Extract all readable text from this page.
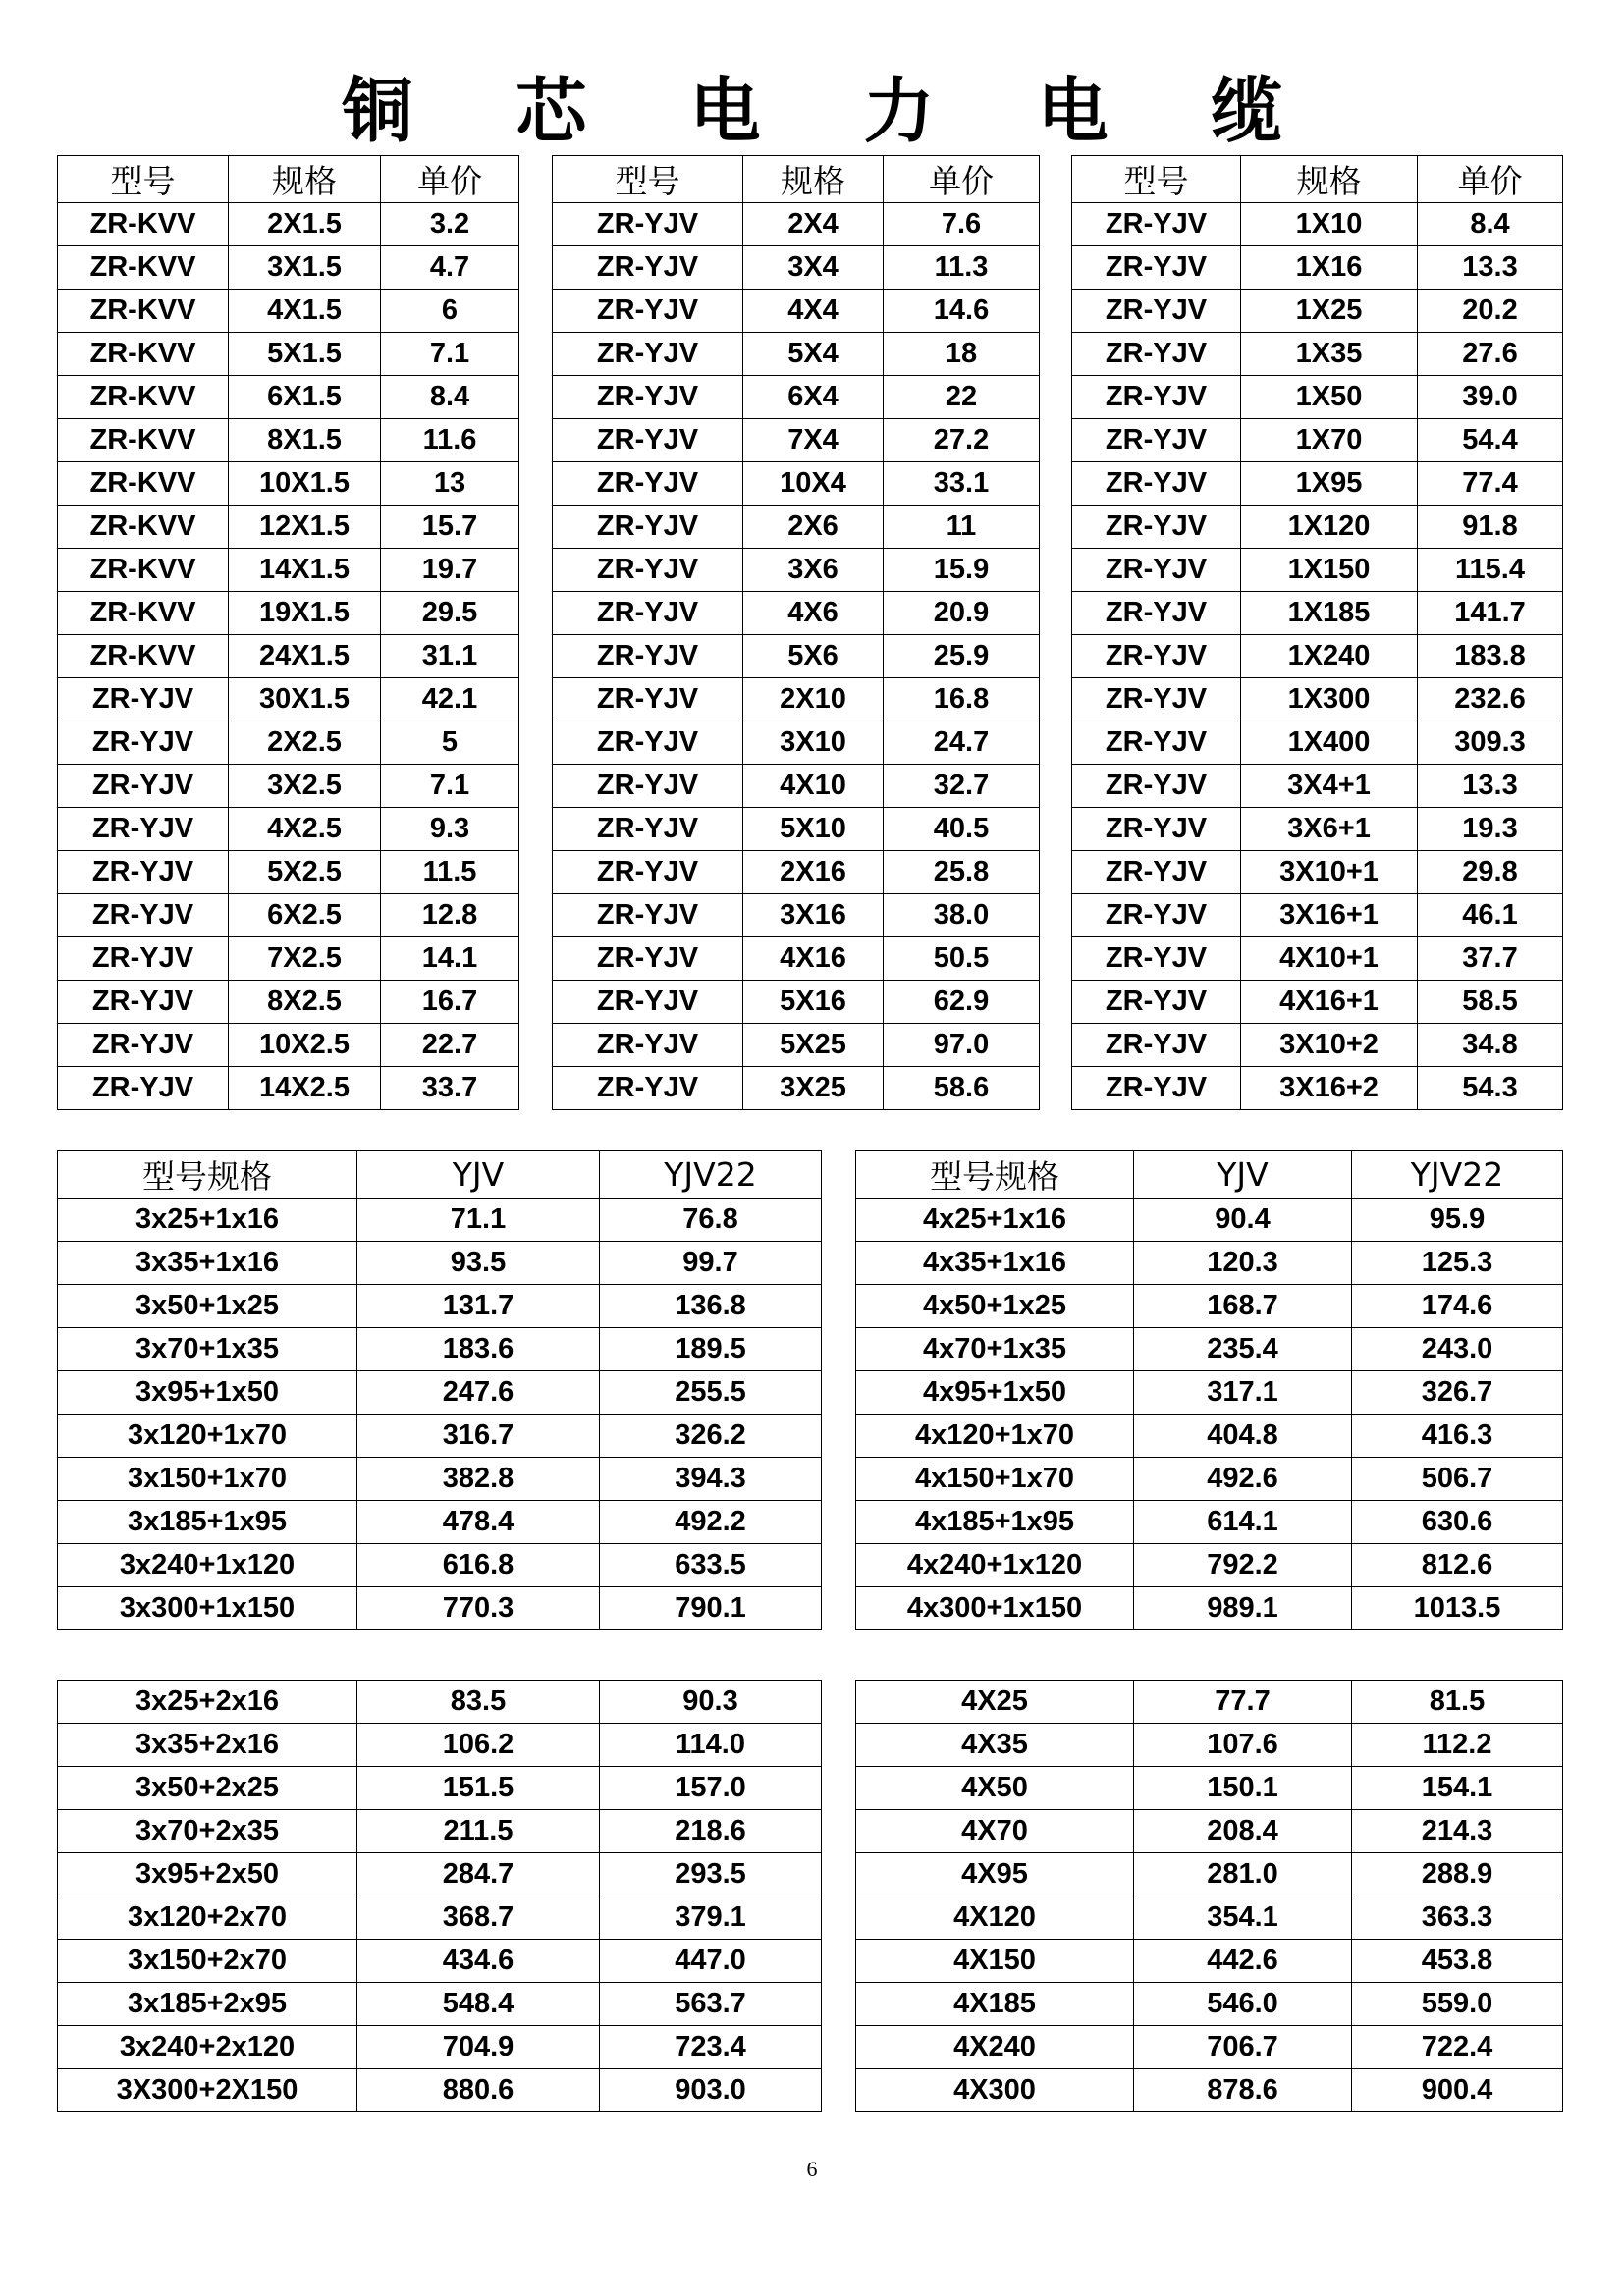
铜 芯 电 力 电 缆
型号	规格	单价
ZR-KVV	2X1.5	3.2
ZR-KVV	3X1.5	4.7
ZR-KVV	4X1.5	6
ZR-KVV	5X1.5	7.1
ZR-KVV	6X1.5	8.4
ZR-KVV	8X1.5	11.6
ZR-KVV	10X1.5	13
ZR-KVV	12X1.5	15.7
ZR-KVV	14X1.5	19.7
ZR-KVV	19X1.5	29.5
ZR-KVV	24X1.5	31.1
ZR-YJV	30X1.5	42.1
ZR-YJV	2X2.5	5
ZR-YJV	3X2.5	7.1
ZR-YJV	4X2.5	9.3
ZR-YJV	5X2.5	11.5
ZR-YJV	6X2.5	12.8
ZR-YJV	7X2.5	14.1
ZR-YJV	8X2.5	16.7
ZR-YJV	10X2.5	22.7
ZR-YJV	14X2.5	33.7
型号	规格	单价
ZR-YJV	2X4	7.6
ZR-YJV	3X4	11.3
ZR-YJV	4X4	14.6
ZR-YJV	5X4	18
ZR-YJV	6X4	22
ZR-YJV	7X4	27.2
ZR-YJV	10X4	33.1
ZR-YJV	2X6	11
ZR-YJV	3X6	15.9
ZR-YJV	4X6	20.9
ZR-YJV	5X6	25.9
ZR-YJV	2X10	16.8
ZR-YJV	3X10	24.7
ZR-YJV	4X10	32.7
ZR-YJV	5X10	40.5
ZR-YJV	2X16	25.8
ZR-YJV	3X16	38.0
ZR-YJV	4X16	50.5
ZR-YJV	5X16	62.9
ZR-YJV	5X25	97.0
ZR-YJV	3X25	58.6
型号	规格	单价
ZR-YJV	1X10	8.4
ZR-YJV	1X16	13.3
ZR-YJV	1X25	20.2
ZR-YJV	1X35	27.6
ZR-YJV	1X50	39.0
ZR-YJV	1X70	54.4
ZR-YJV	1X95	77.4
ZR-YJV	1X120	91.8
ZR-YJV	1X150	115.4
ZR-YJV	1X185	141.7
ZR-YJV	1X240	183.8
ZR-YJV	1X300	232.6
ZR-YJV	1X400	309.3
ZR-YJV	3X4+1	13.3
ZR-YJV	3X6+1	19.3
ZR-YJV	3X10+1	29.8
ZR-YJV	3X16+1	46.1
ZR-YJV	4X10+1	37.7
ZR-YJV	4X16+1	58.5
ZR-YJV	3X10+2	34.8
ZR-YJV	3X16+2	54.3
型号规格	YJV	YJV22
3x25+1x16	71.1	76.8
3x35+1x16	93.5	99.7
3x50+1x25	131.7	136.8
3x70+1x35	183.6	189.5
3x95+1x50	247.6	255.5
3x120+1x70	316.7	326.2
3x150+1x70	382.8	394.3
3x185+1x95	478.4	492.2
3x240+1x120	616.8	633.5
3x300+1x150	770.3	790.1
型号规格	YJV	YJV22
4x25+1x16	90.4	95.9
4x35+1x16	120.3	125.3
4x50+1x25	168.7	174.6
4x70+1x35	235.4	243.0
4x95+1x50	317.1	326.7
4x120+1x70	404.8	416.3
4x150+1x70	492.6	506.7
4x185+1x95	614.1	630.6
4x240+1x120	792.2	812.6
4x300+1x150	989.1	1013.5
3x25+2x16	83.5	90.3
3x35+2x16	106.2	114.0
3x50+2x25	151.5	157.0
3x70+2x35	211.5	218.6
3x95+2x50	284.7	293.5
3x120+2x70	368.7	379.1
3x150+2x70	434.6	447.0
3x185+2x95	548.4	563.7
3x240+2x120	704.9	723.4
3X300+2X150	880.6	903.0
4X25	77.7	81.5
4X35	107.6	112.2
4X50	150.1	154.1
4X70	208.4	214.3
4X95	281.0	288.9
4X120	354.1	363.3
4X150	442.6	453.8
4X185	546.0	559.0
4X240	706.7	722.4
4X300	878.6	900.4
6
